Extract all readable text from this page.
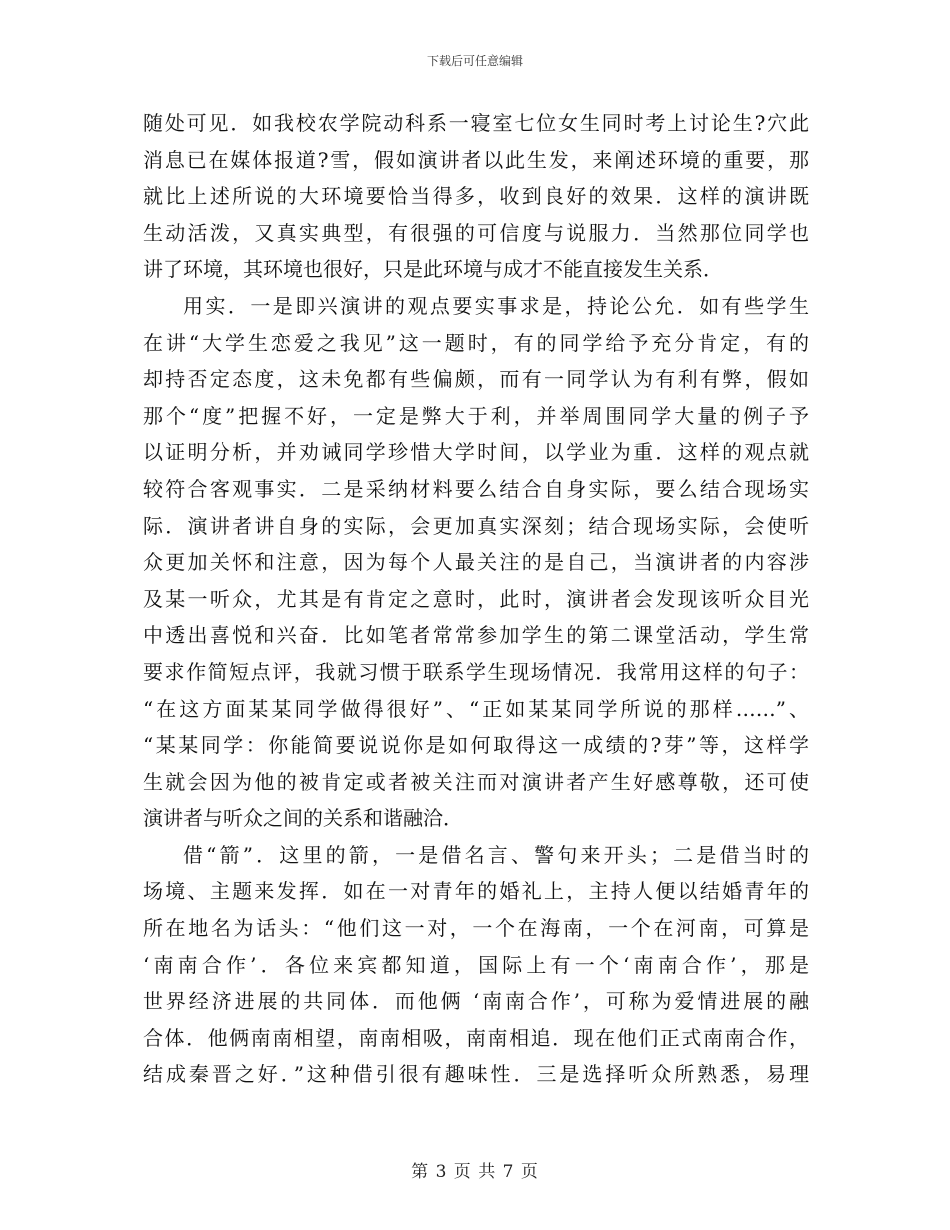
下载后可任意编辑
随处可见．如我校农学院动科系一寝室七位女生同时考上讨论生?穴此
消息已在媒体报道?雪，假如演讲者以此生发，来阐述环境的重要，那
就比上述所说的大环境要恰当得多，收到良好的效果．这样的演讲既
生动活泼，又真实典型，有很强的可信度与说服力．当然那位同学也
讲了环境，其环境也很好，只是此环境与成才不能直接发生关系．
用实．一是即兴演讲的观点要实事求是，持论公允．如有些学生
在讲“大学生恋爱之我见”这一题时，有的同学给予充分肯定，有的
却持否定态度，这未免都有些偏颇，而有一同学认为有利有弊，假如
那个“度”把握不好，一定是弊大于利，并举周围同学大量的例子予
以证明分析，并劝诫同学珍惜大学时间，以学业为重．这样的观点就
较符合客观事实．二是采纳材料要么结合自身实际，要么结合现场实
际．演讲者讲自身的实际，会更加真实深刻；结合现场实际，会使听
众更加关怀和注意，因为每个人最关注的是自己，当演讲者的内容涉
及某一听众，尤其是有肯定之意时，此时，演讲者会发现该听众目光
中透出喜悦和兴奋．比如笔者常常参加学生的第二课堂活动，学生常
要求作简短点评，我就习惯于联系学生现场情况．我常用这样的句子：
“在这方面某某同学做得很好”、“正如某某同学所说的那样……”、
“某某同学：你能简要说说你是如何取得这一成绩的?芽”等，这样学
生就会因为他的被肯定或者被关注而对演讲者产生好感尊敬，还可使
演讲者与听众之间的关系和谐融洽．
借“箭”．这里的箭，一是借名言、警句来开头；二是借当时的
场境、主题来发挥．如在一对青年的婚礼上，主持人便以结婚青年的
所在地名为话头：“他们这一对，一个在海南，一个在河南，可算是
‘南南合作’．各位来宾都知道，国际上有一个‘南南合作’，那是
世界经济进展的共同体．而他俩 ‘南南合作’，可称为爱情进展的融
合体．他俩南南相望，南南相吸，南南相追．现在他们正式南南合作，
结成秦晋之好．”这种借引很有趣味性．三是选择听众所熟悉，易理
第 3 页 共 7 页
